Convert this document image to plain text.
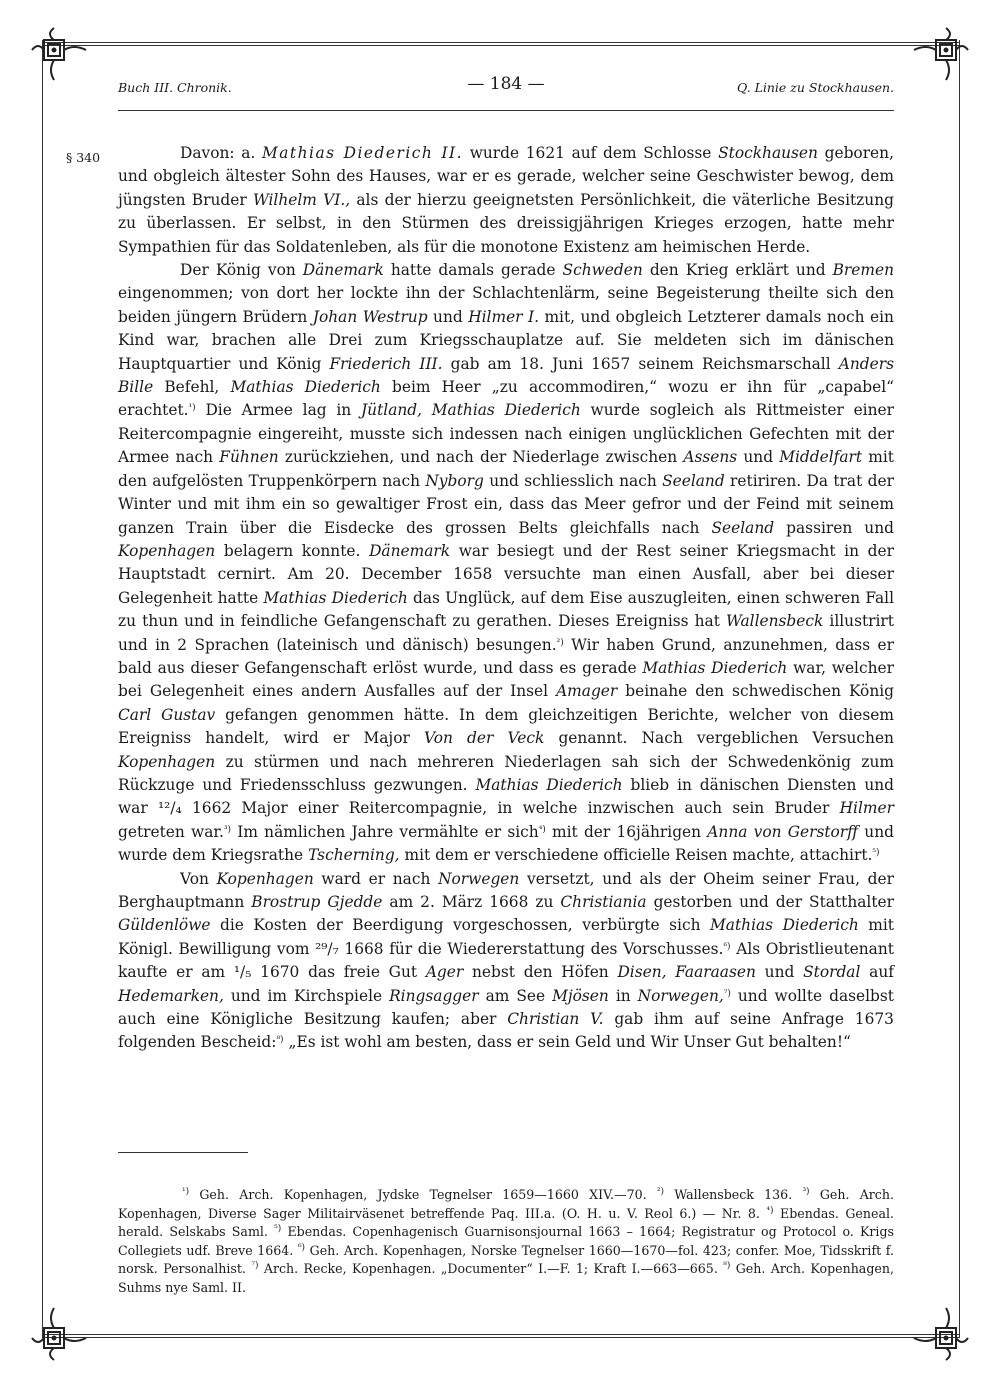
Buch III. Chronik.	— 184 —	Q. Linie zu Stockhausen.
§ 340	Davon: a. Mathias Diederich II. wurde 1621 auf dem Schlosse Stockhausen geboren, und obgleich ältester Sohn des Hauses, war er es gerade, welcher seine Geschwister bewog, dem jüngsten Bruder Wilhelm VI., als der hierzu geeignetsten Persönlichkeit, die väterliche Besitzung zu überlassen. Er selbst, in den Stürmen des dreissigjährigen Krieges erzogen, hatte mehr Sympathien für das Soldatenleben, als für die monotone Existenz am heimischen Herde.

Der König von Dänemark hatte damals gerade Schweden den Krieg erklärt und Bremen eingenommen; von dort her lockte ihn der Schlachtenlärm, seine Begeisterung theilte sich den beiden jüngern Brüdern Johan Westrup und Hilmer I. mit, und obgleich Letzterer damals noch ein Kind war, brachen alle Drei zum Kriegsschauplatze auf. Sie meldeten sich im dänischen Hauptquartier und König Friederich III. gab am 18. Juni 1657 seinem Reichsmarschall Anders Bille Befehl, Mathias Diederich beim Heer „zu accommodiren,“ wozu er ihn für „capabel“ erachtet.$^{^1)}$ Die Armee lag in Jütland, Mathias Diederich wurde sogleich als Rittmeister einer Reitercompagnie eingereiht, musste sich indessen nach einigen unglücklichen Gefechten mit der Armee nach Fühnen zurückziehen, und nach der Niederlage zwischen Assens und Middelfart mit den aufgelösten Truppenkörpern nach Nyborg und schliesslich nach Seeland retiriren. Da trat der Winter und mit ihm ein so gewaltiger Frost ein, dass das Meer gefror und der Feind mit seinem ganzen Train über die Eisdecke des grossen Belts gleichfalls nach Seeland passiren und Kopenhagen belagern konnte. Dänemark war besiegt und der Rest seiner Kriegsmacht in der Hauptstadt cernirt. Am 20. December 1658 versuchte man einen Ausfall, aber bei dieser Gelegenheit hatte Mathias Diederich das Unglück, auf dem Eise auszugleiten, einen schweren Fall zu thun und in feindliche Gefangenschaft zu gerathen. Dieses Ereigniss hat Wallensbeck illustrirt und in 2 Sprachen (lateinisch und dänisch) besungen.$^{^2)}$ Wir haben Grund, anzunehmen, dass er bald aus dieser Gefangenschaft erlöst wurde, und dass es gerade Mathias Diederich war, welcher bei Gelegenheit eines andern Ausfalles auf der Insel Amager beinahe den schwedischen König Carl Gustav gefangen genommen hätte. In dem gleichzeitigen Berichte, welcher von diesem Ereigniss handelt, wird er Major Von der Veck genannt. Nach vergeblichen Versuchen Kopenhagen zu stürmen und nach mehreren Niederlagen sah sich der Schwedenkönig zum Rückzuge und Friedensschluss gezwungen. Mathias Diederich blieb in dänischen Diensten und war ¹²/₄ 1662 Major einer Reitercompagnie, in welche inzwischen auch sein Bruder Hilmer getreten war.$^{^3)}$ Im nämlichen Jahre vermählte er sich$^{^4)}$ mit der 16jährigen Anna von Gerstorff und wurde dem Kriegsrathe Tscherning, mit dem er verschiedene officielle Reisen machte, attachirt.$^{^5)}$

Von Kopenhagen ward er nach Norwegen versetzt, und als der Oheim seiner Frau, der Berghauptmann Brostrup Gjedde am 2. März 1668 zu Christiania gestorben und der Statthalter Güldenlöwe die Kosten der Beerdigung vorgeschossen, verbürgte sich Mathias Diederich mit Königl. Bewilligung vom ²⁹/₇ 1668 für die Wiedererstattung des Vorschusses.$^{^6)}$ Als Obristlieutenant kaufte er am ¹/₅ 1670 das freie Gut Ager nebst den Höfen Disen, Faaraasen und Stordal auf Hedemarken, und im Kirchspiele Ringsagger am See Mjösen in Norwegen,$^{^7)}$ und wollte daselbst auch eine Königliche Besitzung kaufen; aber Christian V. gab ihm auf seine Anfrage 1673 folgenden Bescheid:$^{^8)}$ „Es ist wohl am besten, dass er sein Geld und Wir Unser Gut behalten!“

$^{^1)}$ Geh. Arch. Kopenhagen, Jydske Tegnelser 1659—1660 XIV.—70. $^{^2)}$ Wallensbeck 136. $^{^3)}$ Geh. Arch. Kopenhagen, Diverse Sager Militairväsenet betreffende Paq. III.a. (O. H. u. V. Reol 6.) — Nr. 8. $^{^4)}$ Ebendas. Geneal. herald. Selskabs Saml. $^{^5)}$ Ebendas. Copenhagenisch Guarnisonsjournal 1663 – 1664; Registratur og Protocol o. Krigs Collegiets udf. Breve 1664. $^{^6)}$ Geh. Arch. Kopenhagen, Norske Tegnelser 1660—1670—fol. 423; confer. Moe, Tidsskrift f. norsk. Personalhist. $^{^7)}$ Arch. Recke, Kopenhagen. „Documenter“ I.—F. 1; Kraft I.—663—665. $^{^8)}$ Geh. Arch. Kopenhagen, Suhms nye Saml. II.
